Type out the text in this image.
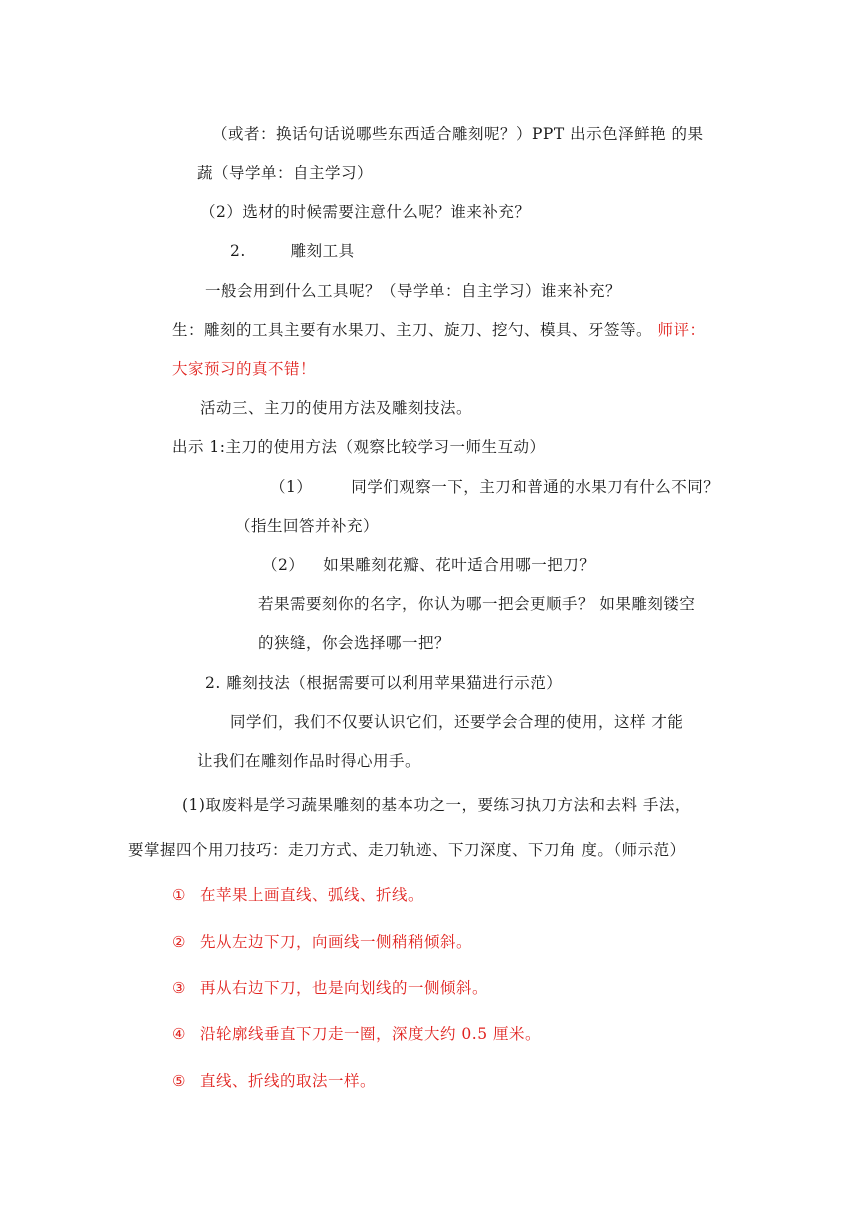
（或者：换话句话说哪些东西适合雕刻呢？）PPT 出示色泽鲜艳 的果
蔬（导学单：自主学习）
（2）选材的时候需要注意什么呢？谁来补充？
2.	雕刻工具
一般会用到什么工具呢？（导学单：自主学习）谁来补充？
生：雕刻的工具主要有水果刀、主刀、旋刀、挖勺、模具、牙签等。 师评：
大家预习的真不错！
活动三、主刀的使用方法及雕刻技法。
出示 1:主刀的使用方法（观察比较学习一师生互动）
（1）	同学们观察一下，主刀和普通的水果刀有什么不同？
（指生回答并补充）
（2） 如果雕刻花瓣、花叶适合用哪一把刀？
若果需要刻你的名字，你认为哪一把会更顺手？ 如果雕刻镂空
的狭缝，你会选择哪一把？
2. 雕刻技法（根据需要可以利用苹果猫进行示范）
同学们，我们不仅要认识它们，还要学会合理的使用，这样 才能
让我们在雕刻作品时得心用手。
(1)取废料是学习蔬果雕刻的基本功之一，要练习执刀方法和去料 手法，
要掌握四个用刀技巧：走刀方式、走刀轨迹、下刀深度、下刀角 度。（师示范）
① 在苹果上画直线、弧线、折线。
② 先从左边下刀，向画线一侧稍稍倾斜。
③ 再从右边下刀，也是向划线的一侧倾斜。
④ 沿轮廓线垂直下刀走一圈，深度大约 0.5 厘米。
⑤ 直线、折线的取法一样。
